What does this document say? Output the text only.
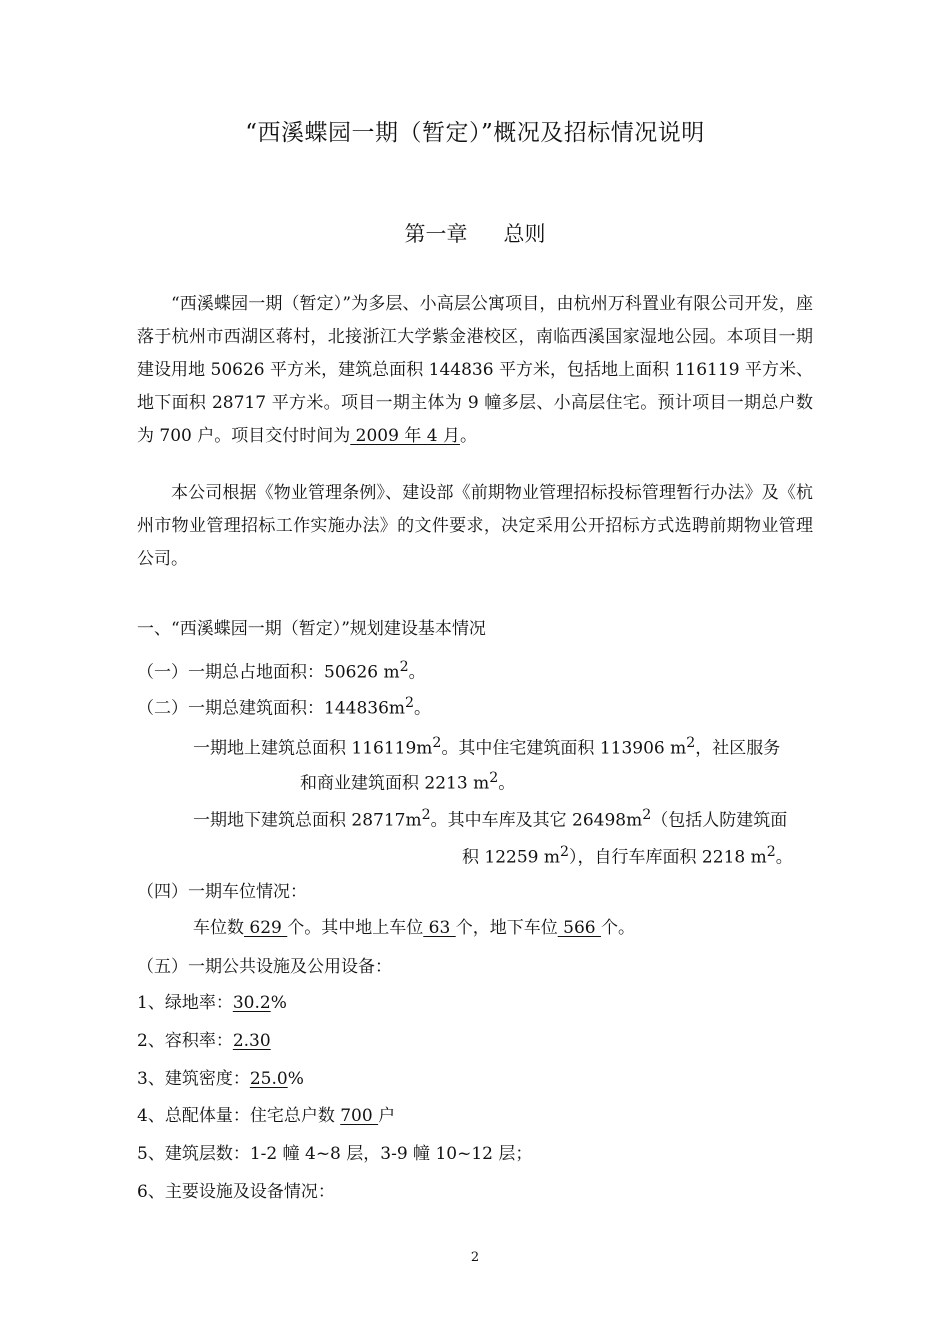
“西溪蝶园一期（暂定）”概况及招标情况说明
第一章 总则

“西溪蝶园一期（暂定）”为多层、小高层公寓项目，由杭州万科置业有限公司开发，座落于杭州市西湖区蒋村，北接浙江大学紫金港校区，南临西溪国家湿地公园。本项目一期建设用地 50626 平方米，建筑总面积 144836 平方米，包括地上面积 116119 平方米、地下面积 28717 平方米。项目一期主体为 9 幢多层、小高层住宅。预计项目一期总户数为 700 户。项目交付时间为 2009 年 4 月。

本公司根据《物业管理条例》、建设部《前期物业管理招标投标管理暂行办法》及《杭州市物业管理招标工作实施办法》的文件要求，决定采用公开招标方式选聘前期物业管理公司。

一、“西溪蝶园一期（暂定）”规划建设基本情况
（一）一期总占地面积：50626 $m^2$。
（二）一期总建筑面积：$144836m^2$。
一期地上建筑总面积 $116119m^2$。其中住宅建筑面积 113906 $m^2$，社区服务
和商业建筑面积 2213 $m^2$。
一期地下建筑总面积 $28717m^2$。其中车库及其它 $26498m^2$（包括人防建筑面
积 12259 $m^2$），自行车库面积 2218 $m^2$。
（四）一期车位情况：
车位数 629 个。其中地上车位 63 个，地下车位 566 个。
（五）一期公共设施及公用设备：
1、绿地率：30.2%
2、容积率：2.30
3、建筑密度：25.0%
4、总配体量：住宅总户数 700 户
5、建筑层数：1-2 幢 4~8 层，3-9 幢 10~12 层；
6、主要设施及设备情况：
2
